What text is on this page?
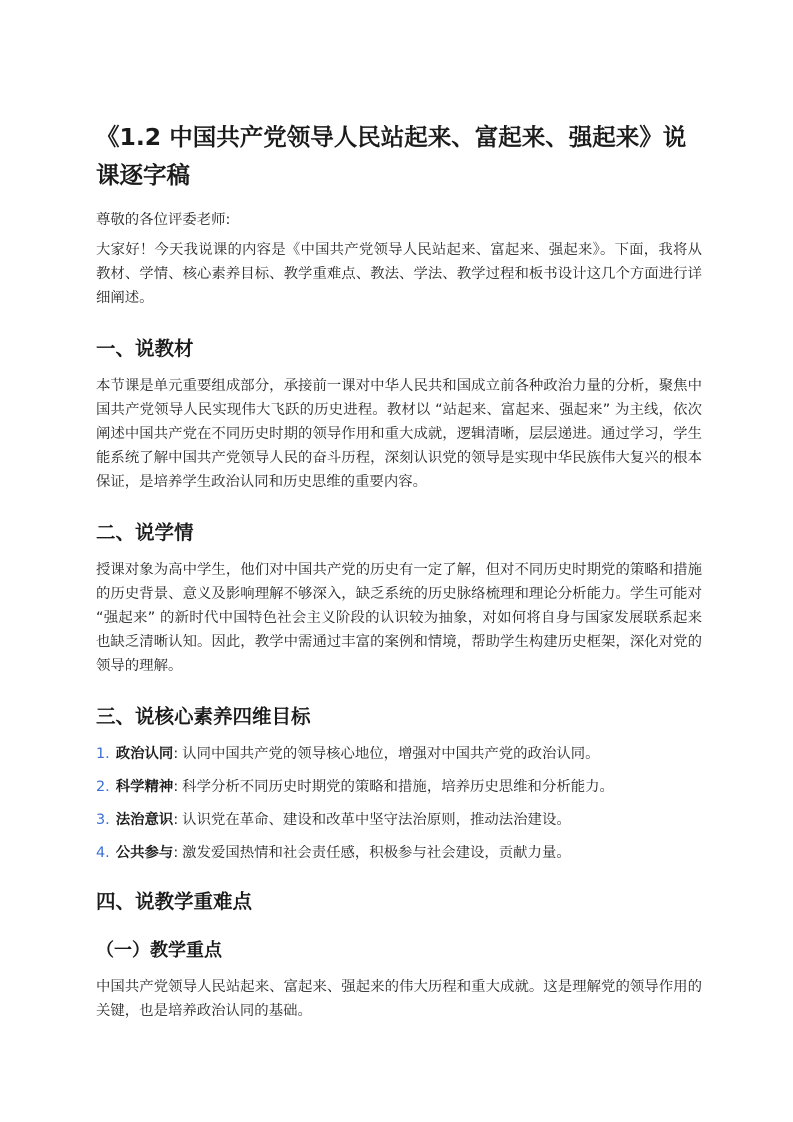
《1.2 中国共产党领导人民站起来、富起来、强起来》说课逐字稿

尊敬的各位评委老师:

大家好！今天我说课的内容是《中国共产党领导人民站起来、富起来、强起来》。下面，我将从教材、学情、核心素养目标、教学重难点、教法、学法、教学过程和板书设计这几个方面进行详细阐述。

一、说教材

本节课是单元重要组成部分，承接前一课对中华人民共和国成立前各种政治力量的分析，聚焦中国共产党领导人民实现伟大飞跃的历史进程。教材以 “站起来、富起来、强起来” 为主线，依次阐述中国共产党在不同历史时期的领导作用和重大成就，逻辑清晰，层层递进。通过学习，学生能系统了解中国共产党领导人民的奋斗历程，深刻认识党的领导是实现中华民族伟大复兴的根本保证，是培养学生政治认同和历史思维的重要内容。

二、说学情

授课对象为高中学生，他们对中国共产党的历史有一定了解，但对不同历史时期党的策略和措施的历史背景、意义及影响理解不够深入，缺乏系统的历史脉络梳理和理论分析能力。学生可能对 “强起来” 的新时代中国特色社会主义阶段的认识较为抽象，对如何将自身与国家发展联系起来也缺乏清晰认知。因此，教学中需通过丰富的案例和情境，帮助学生构建历史框架，深化对党的领导的理解。

三、说核心素养四维目标
1. 政治认同: 认同中国共产党的领导核心地位，增强对中国共产党的政治认同。
2. 科学精神: 科学分析不同历史时期党的策略和措施，培养历史思维和分析能力。
3. 法治意识: 认识党在革命、建设和改革中坚守法治原则，推动法治建设。
4. 公共参与: 激发爱国热情和社会责任感，积极参与社会建设，贡献力量。
四、说教学重难点
（一）教学重点

中国共产党领导人民站起来、富起来、强起来的伟大历程和重大成就。这是理解党的领导作用的关键，也是培养政治认同的基础。
